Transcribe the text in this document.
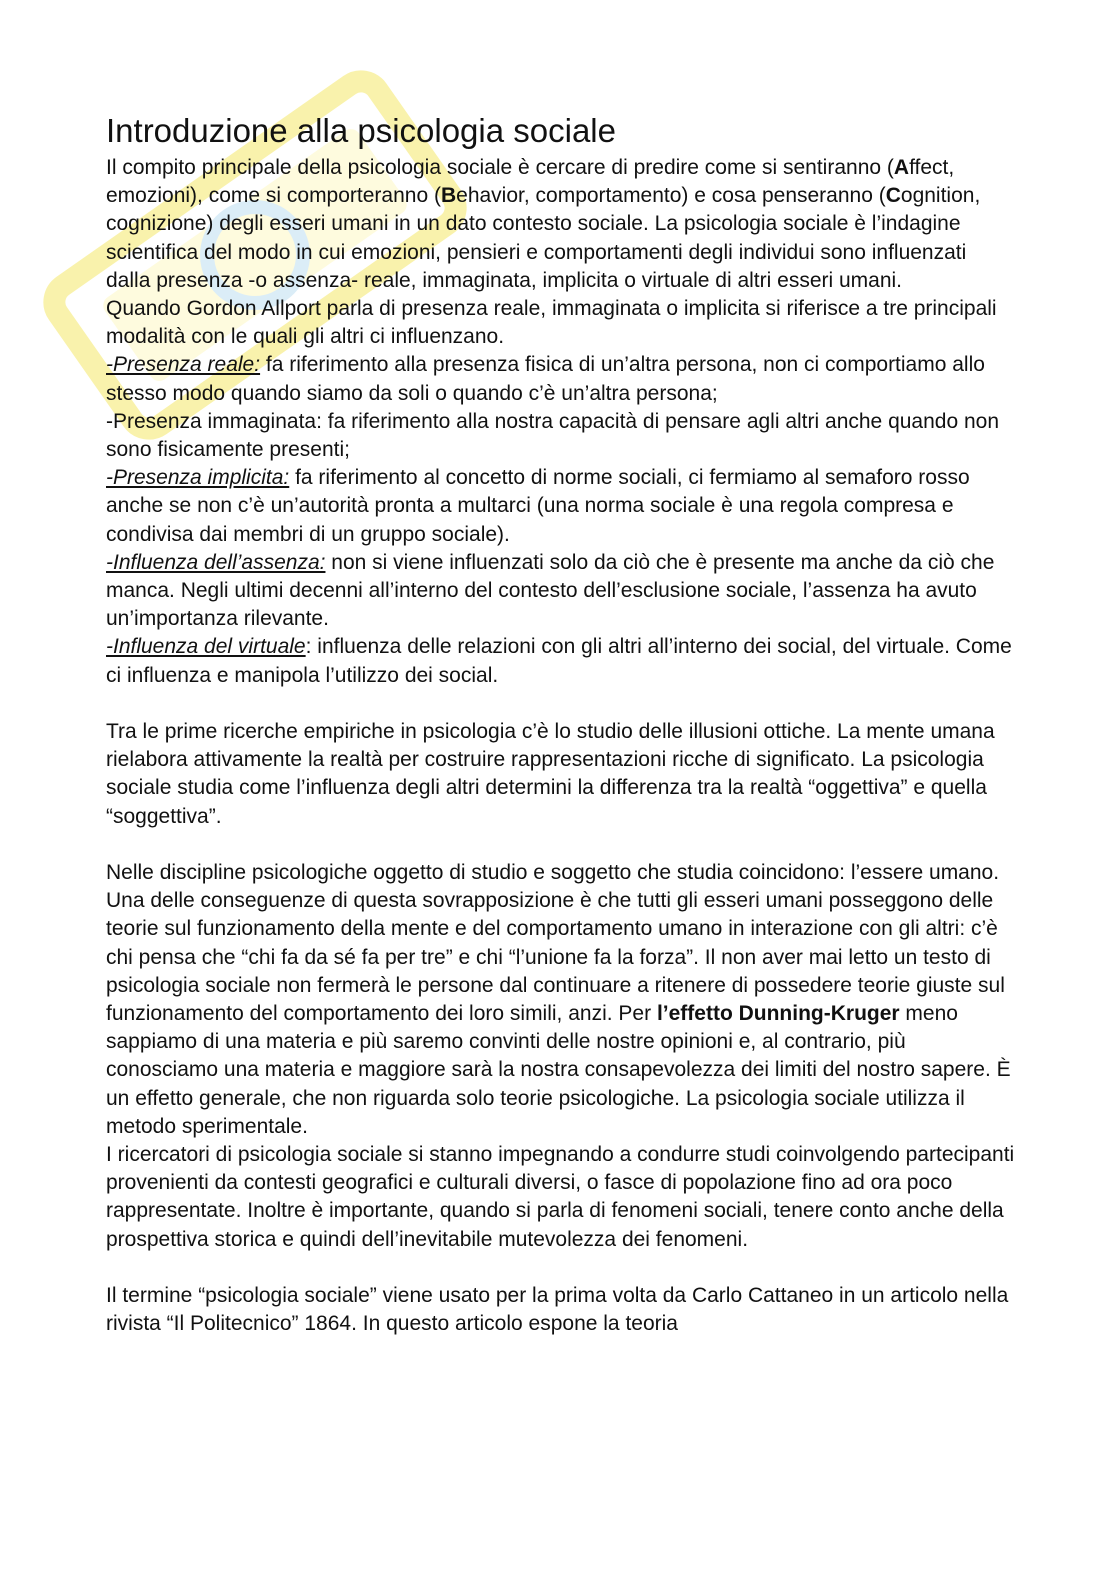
Introduzione alla psicologia sociale

Il compito principale della psicologia sociale è cercare di predire come si sentiranno (Affect, emozioni), come si comporteranno (Behavior, comportamento) e cosa penseranno (Cognition, cognizione) degli esseri umani in un dato contesto sociale. La psicologia sociale è l’indagine scientifica del modo in cui emozioni, pensieri e comportamenti degli individui sono influenzati dalla presenza -o assenza- reale, immaginata, implicita o virtuale di altri esseri umani.

Quando Gordon Allport parla di presenza reale, immaginata o implicita si riferisce a tre principali modalità con le quali gli altri ci influenzano.

-Presenza reale: fa riferimento alla presenza fisica di un’altra persona, non ci comportiamo allo stesso modo quando siamo da soli o quando c’è un’altra persona;

-Presenza immaginata: fa riferimento alla nostra capacità di pensare agli altri anche quando non sono fisicamente presenti;

-Presenza implicita: fa riferimento al concetto di norme sociali, ci fermiamo al semaforo rosso anche se non c’è un’autorità pronta a multarci (una norma sociale è una regola compresa e condivisa dai membri di un gruppo sociale).

-Influenza dell’assenza: non si viene influenzati solo da ciò che è presente ma anche da ciò che manca. Negli ultimi decenni all’interno del contesto dell’esclusione sociale, l’assenza ha avuto un’importanza rilevante.

-Influenza del virtuale: influenza delle relazioni con gli altri all’interno dei social, del virtuale. Come ci influenza e manipola l’utilizzo dei social.

Tra le prime ricerche empiriche in psicologia c’è lo studio delle illusioni ottiche. La mente umana rielabora attivamente la realtà per costruire rappresentazioni ricche di significato. La psicologia sociale studia come l’influenza degli altri determini la differenza tra la realtà “oggettiva” e quella “soggettiva”.

Nelle discipline psicologiche oggetto di studio e soggetto che studia coincidono: l’essere umano. Una delle conseguenze di questa sovrapposizione è che tutti gli esseri umani posseggono delle teorie sul funzionamento della mente e del comportamento umano in interazione con gli altri: c’è chi pensa che “chi fa da sé fa per tre” e chi “l’unione fa la forza”. Il non aver mai letto un testo di psicologia sociale non fermerà le persone dal continuare a ritenere di possedere teorie giuste sul funzionamento del comportamento dei loro simili, anzi. Per l’effetto Dunning-Kruger meno sappiamo di una materia e più saremo convinti delle nostre opinioni e, al contrario, più conosciamo una materia e maggiore sarà la nostra consapevolezza dei limiti del nostro sapere. È un effetto generale, che non riguarda solo teorie psicologiche. La psicologia sociale utilizza il metodo sperimentale.

I ricercatori di psicologia sociale si stanno impegnando a condurre studi coinvolgendo partecipanti provenienti da contesti geografici e culturali diversi, o fasce di popolazione fino ad ora poco rappresentate. Inoltre è importante, quando si parla di fenomeni sociali, tenere conto anche della prospettiva storica e quindi dell’inevitabile mutevolezza dei fenomeni.

Il termine “psicologia sociale” viene usato per la prima volta da Carlo Cattaneo in un articolo nella rivista “Il Politecnico” 1864. In questo articolo espone la teoria
